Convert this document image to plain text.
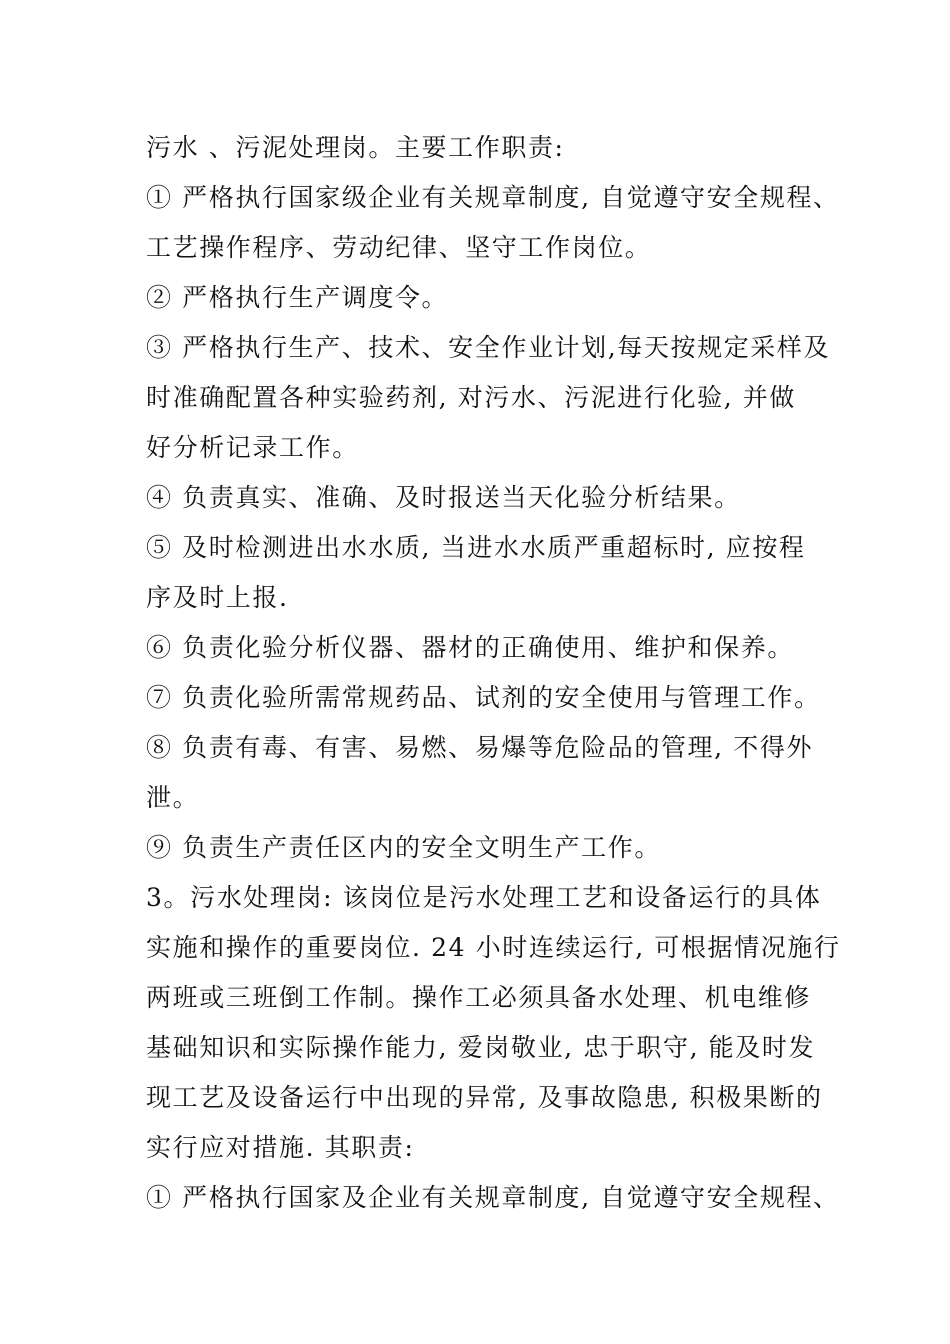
污水 、污泥处理岗。主要工作职责:
① 严格执行国家级企业有关规章制度, 自觉遵守安全规程、
工艺操作程序、劳动纪律、坚守工作岗位。
② 严格执行生产调度令。
③ 严格执行生产、技术、安全作业计划,每天按规定采样及
时准确配置各种实验药剂, 对污水、污泥进行化验, 并做
好分析记录工作。
④ 负责真实、准确、及时报送当天化验分析结果。
⑤ 及时检测进出水水质, 当进水水质严重超标时, 应按程
序及时上报.
⑥ 负责化验分析仪器、器材的正确使用、维护和保养。
⑦ 负责化验所需常规药品、试剂的安全使用与管理工作。
⑧ 负责有毒、有害、易燃、易爆等危险品的管理, 不得外
泄。
⑨ 负责生产责任区内的安全文明生产工作。
3。污水处理岗: 该岗位是污水处理工艺和设备运行的具体
实施和操作的重要岗位. 24 小时连续运行, 可根据情况施行
两班或三班倒工作制。操作工必须具备水处理、机电维修
基础知识和实际操作能力, 爱岗敬业, 忠于职守, 能及时发
现工艺及设备运行中出现的异常, 及事故隐患, 积极果断的
实行应对措施. 其职责:
① 严格执行国家及企业有关规章制度, 自觉遵守安全规程、
